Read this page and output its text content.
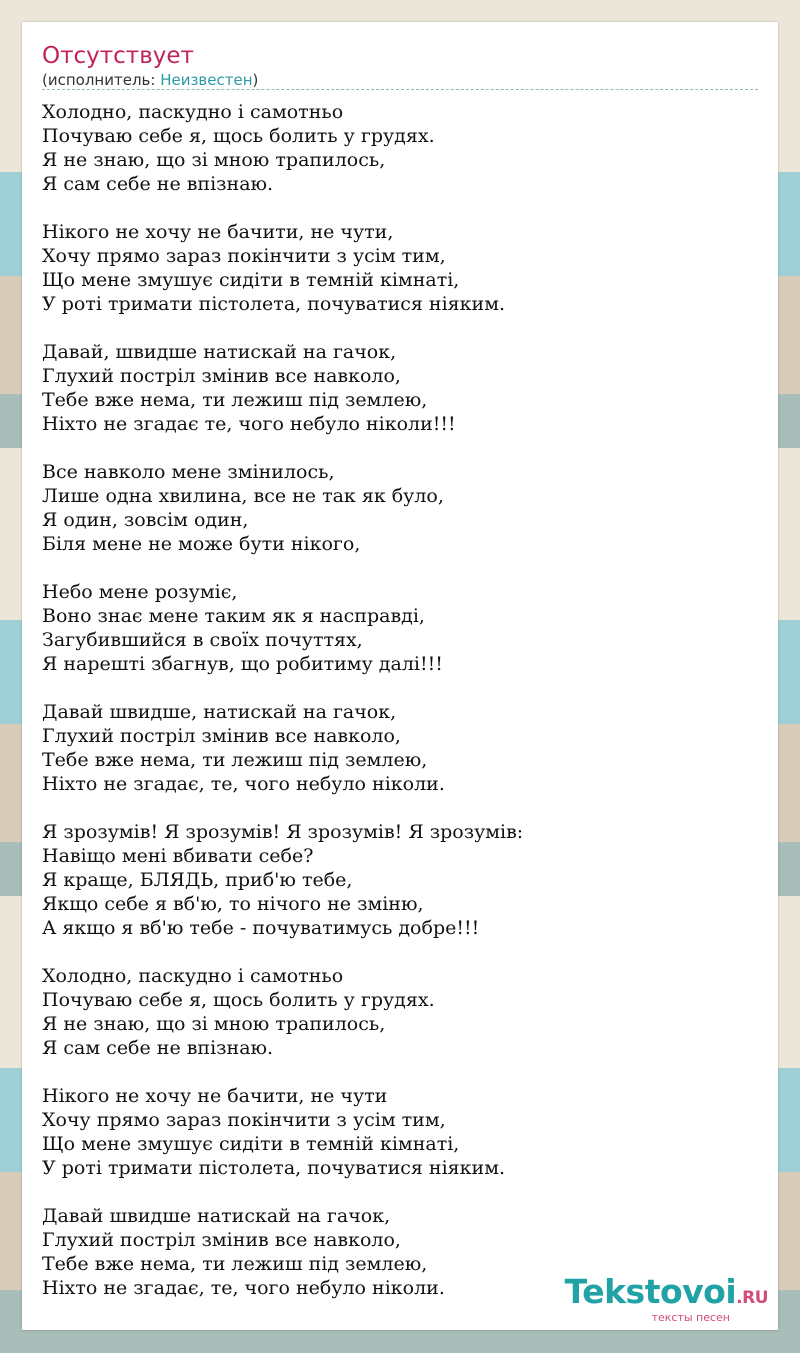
Отсутствует
(исполнитель: Неизвестен)
Холодно, паскудно і самотньо
Почуваю себе я, щось болить у грудях.
Я не знаю, що зі мною трапилось,
Я сам себе не впізнаю.

Нікого не хочу не бачити, не чути,
Хочу прямо зараз покінчити з усім тим,
Що мене змушує сидіти в темній кімнаті,
У роті тримати пістолета, почуватися ніяким.

Давай, швидше натискай на гачок,
Глухий постріл змінив все навколо,
Тебе вже нема, ти лежиш під землею,
Ніхто не згадає те, чого небуло ніколи!!!

Все навколо мене змінилось,
Лише одна хвилина, все не так як було,
Я один, зовсім один,
Біля мене не може бути нікого,

Небо мене розуміє,
Воно знає мене таким як я насправді,
Загубившийся в своїх почуттях,
Я нарешті збагнув, що робитиму далі!!!

Давай швидше, натискай на гачок,
Глухий постріл змінив все навколо,
Тебе вже нема, ти лежиш під землею,
Ніхто не згадає, те, чого небуло ніколи.

Я зрозумів! Я зрозумів! Я зрозумів! Я зрозумів:
Навіщо мені вбивати себе?
Я краще, БЛЯДЬ, приб'ю тебе,
Якщо себе я вб'ю, то нічого не зміню,
А якщо я вб'ю тебе - почуватимусь добре!!!

Холодно, паскудно і самотньо
Почуваю себе я, щось болить у грудях.
Я не знаю, що зі мною трапилось,
Я сам себе не впізнаю.

Нікого не хочу не бачити, не чути
Хочу прямо зараз покінчити з усім тим,
Що мене змушує сидіти в темній кімнаті,
У роті тримати пістолета, почуватися ніяким.

Давай швидше натискай на гачок,
Глухий постріл змінив все навколо,
Тебе вже нема, ти лежиш під землею,
Ніхто не згадає, те, чого небуло ніколи.	Tekstovoi.RU
тексты песен
